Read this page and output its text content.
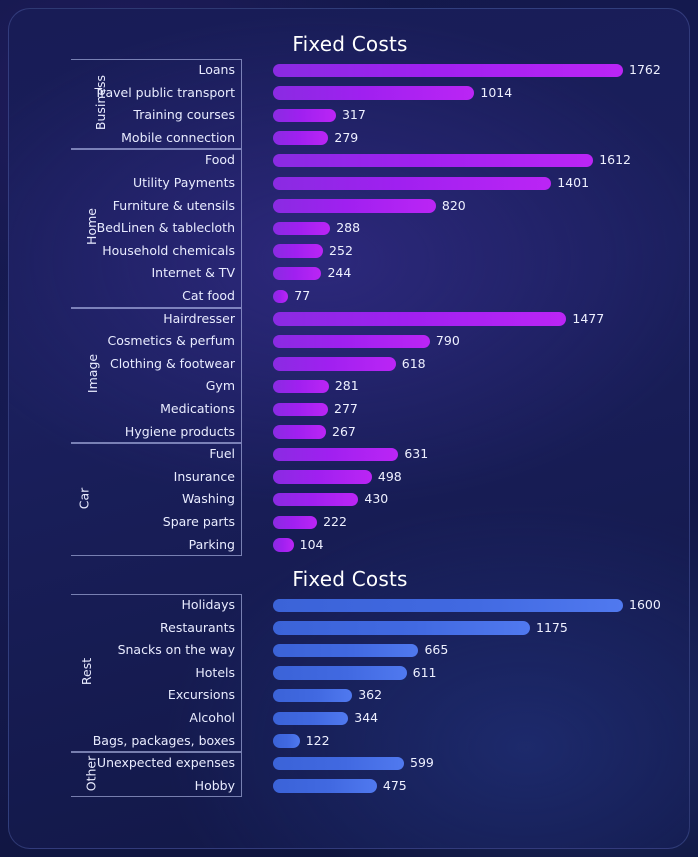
Fixed Costs
Business
Loans	1762
Travel public transport	1014
Training courses	317
Mobile connection	279
Home
Food	1612
Utility Payments	1401
Furniture & utensils	820
BedLinen & tablecloth	288
Household chemicals	252
Internet & TV	244
Cat food	77
Image
Hairdresser	1477
Cosmetics & perfum	790
Clothing & footwear	618
Gym	281
Medications	277
Hygiene products	267
Car
Fuel	631
Insurance	498
Washing	430
Spare parts	222
Parking	104
Fixed Costs
Rest
Holidays	1600
Restaurants	1175
Snacks on the way	665
Hotels	611
Excursions	362
Alcohol	344
Bags, packages, boxes	122
Other
Unexpected expenses	599
Hobby	475
